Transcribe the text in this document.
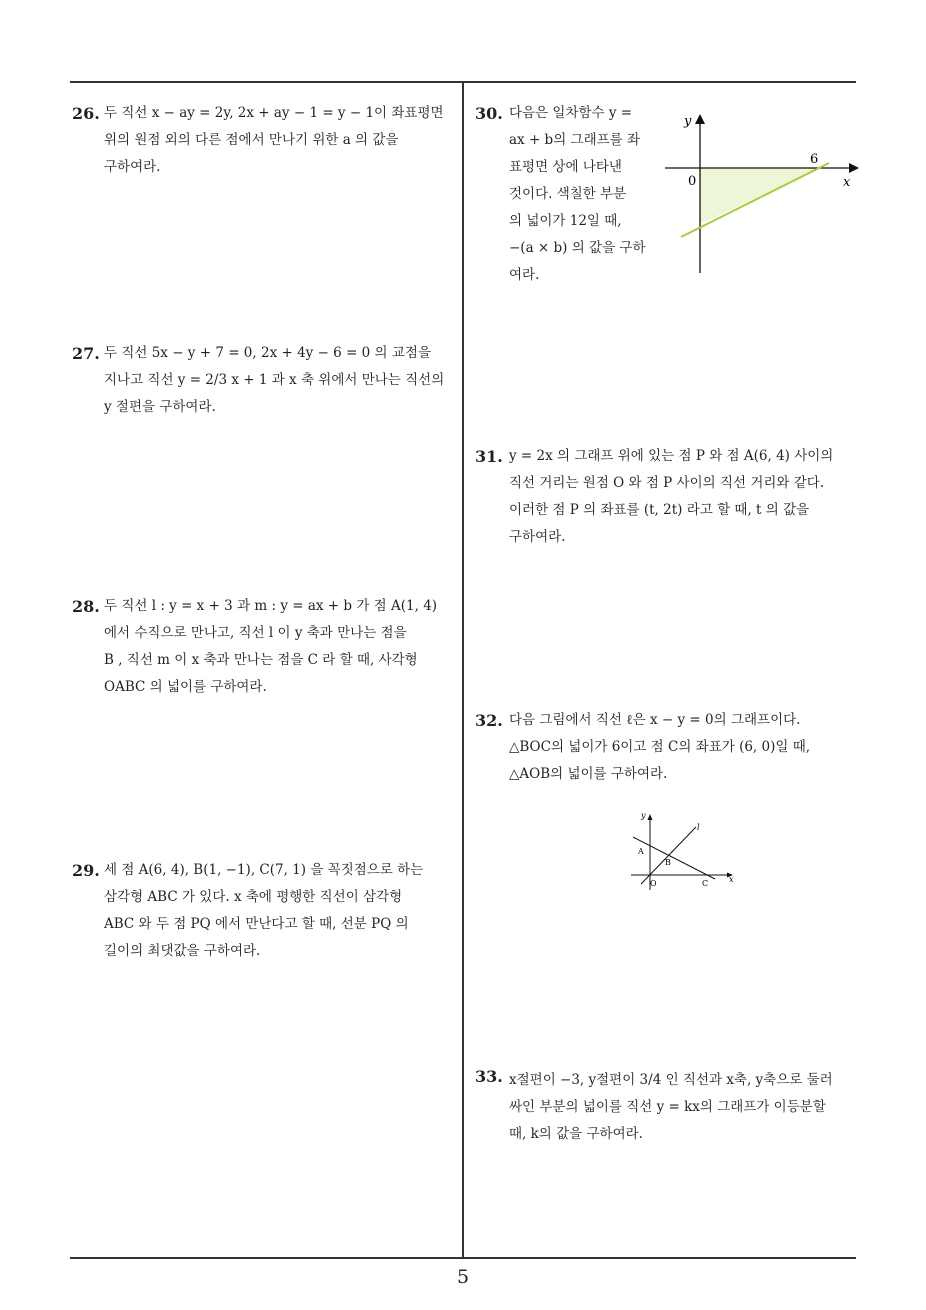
26. 두 직선 x − ay = 2y, 2x + ay − 1 = y − 1이 좌표평면
위의 원점 외의 다른 점에서 만나기 위한 a 의 값을
구하여라.
27. 두 직선 5x − y + 7 = 0, 2x + 4y − 6 = 0 의 교점을
지나고 직선 y = 2/3 x + 1 과 x 축 위에서 만나는 직선의
y 절편을 구하여라.
28. 두 직선 l : y = x + 3 과 m : y = ax + b 가 점 A(1, 4)
에서 수직으로 만나고, 직선 l 이 y 축과 만나는 점을
B , 직선 m 이 x 축과 만나는 점을 C 라 할 때, 사각형
OABC 의 넓이를 구하여라.
29. 세 점 A(6, 4), B(1, −1), C(7, 1) 을 꼭짓점으로 하는
삼각형 ABC 가 있다. x 축에 평행한 직선이 삼각형
ABC 와 두 점 PQ 에서 만난다고 할 때, 선분 PQ 의
길이의 최댓값을 구하여라.
30. 다음은 일차함수 y =
ax + b의 그래프를 좌
표평면 상에 나타낸
것이다. 색칠한 부분
의 넓이가 12일 때,
−(a × b) 의 값을 구하
여라.
y
x
0
6
31. y = 2x 의 그래프 위에 있는 점 P 와 점 A(6, 4) 사이의
직선 거리는 원점 O 와 점 P 사이의 직선 거리와 같다.
이러한 점 P 의 좌표를 (t, 2t) 라고 할 때, t 의 값을
구하여라.
32. 다음 그림에서 직선 ℓ은 x − y = 0의 그래프이다.
△BOC의 넓이가 6이고 점 C의 좌표가 (6, 0)일 때,
△AOB의 넓이를 구하여라.
y
l
A
B
O	C	x
33. x절편이 −3, y절편이 3/4 인 직선과 x축, y축으로 둘러
싸인 부분의 넓이를 직선 y = kx의 그래프가 이등분할
때, k의 값을 구하여라.
5
